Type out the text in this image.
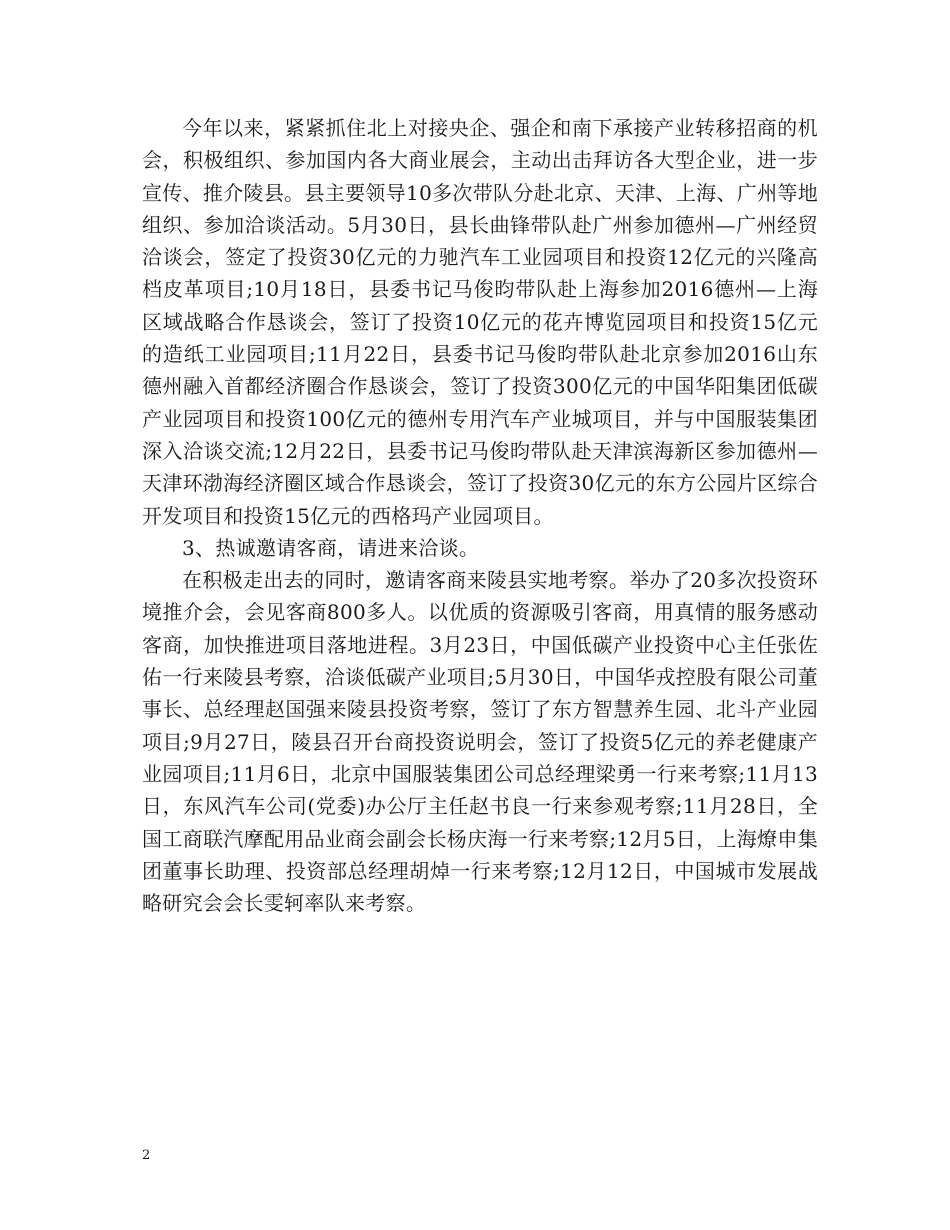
今年以来，紧紧抓住北上对接央企、强企和南下承接产业转移招商的机会，积极组织、参加国内各大商业展会，主动出击拜访各大型企业，进一步宣传、推介陵县。县主要领导10多次带队分赴北京、天津、上海、广州等地组织、参加洽谈活动。5月30日，县长曲锋带队赴广州参加德州—广州经贸洽谈会，签定了投资30亿元的力驰汽车工业园项目和投资12亿元的兴隆高档皮革项目;10月18日，县委书记马俊昀带队赴上海参加2016德州—上海区域战略合作恳谈会，签订了投资10亿元的花卉博览园项目和投资15亿元的造纸工业园项目;11月22日，县委书记马俊昀带队赴北京参加2016山东德州融入首都经济圈合作恳谈会，签订了投资300亿元的中国华阳集团低碳产业园项目和投资100亿元的德州专用汽车产业城项目，并与中国服装集团深入洽谈交流;12月22日，县委书记马俊昀带队赴天津滨海新区参加德州—天津环渤海经济圈区域合作恳谈会，签订了投资30亿元的东方公园片区综合开发项目和投资15亿元的西格玛产业园项目。

3、热诚邀请客商，请进来洽谈。

在积极走出去的同时，邀请客商来陵县实地考察。举办了20多次投资环境推介会，会见客商800多人。以优质的资源吸引客商，用真情的服务感动客商，加快推进项目落地进程。3月23日，中国低碳产业投资中心主任张佐佑一行来陵县考察，洽谈低碳产业项目;5月30日，中国华戎控股有限公司董事长、总经理赵国强来陵县投资考察，签订了东方智慧养生园、北斗产业园项目;9月27日，陵县召开台商投资说明会，签订了投资5亿元的养老健康产业园项目;11月6日，北京中国服装集团公司总经理梁勇一行来考察;11月13日，东风汽车公司(党委)办公厅主任赵书良一行来参观考察;11月28日，全国工商联汽摩配用品业商会副会长杨庆海一行来考察;12月5日，上海燎申集团董事长助理、投资部总经理胡焯一行来考察;12月12日，中国城市发展战略研究会会长雯轲率队来考察。

2
